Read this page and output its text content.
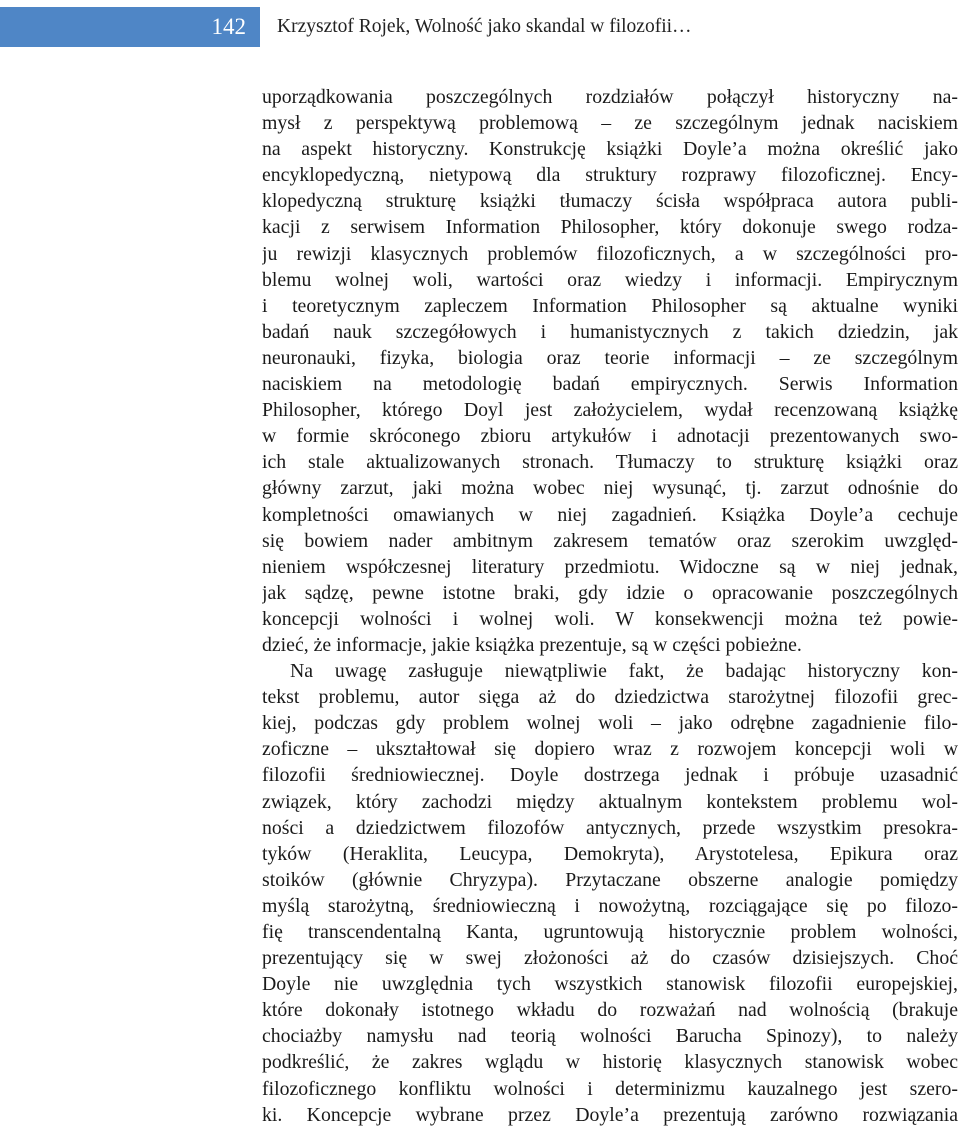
142 Krzysztof Rojek, Wolność jako skandal w filozofii…
uporządkowania poszczególnych rozdziałów połączył historyczny na-
mysł z perspektywą problemową – ze szczególnym jednak naciskiem
na aspekt historyczny. Konstrukcję książki Doyle’a można określić jako
encyklopedyczną, nietypową dla struktury rozprawy filozoficznej. Ency-
klopedyczną strukturę książki tłumaczy ścisła współpraca autora publi-
kacji z serwisem Information Philosopher, który dokonuje swego rodza-
ju rewizji klasycznych problemów filozoficznych, a w szczególności pro-
blemu wolnej woli, wartości oraz wiedzy i informacji. Empirycznym
i teoretycznym zapleczem Information Philosopher są aktualne wyniki
badań nauk szczegółowych i humanistycznych z takich dziedzin, jak
neuronauki, fizyka, biologia oraz teorie informacji – ze szczególnym
naciskiem na metodologię badań empirycznych. Serwis Information
Philosopher, którego Doyl jest założycielem, wydał recenzowaną książkę
w formie skróconego zbioru artykułów i adnotacji prezentowanych swo-
ich stale aktualizowanych stronach. Tłumaczy to strukturę książki oraz
główny zarzut, jaki można wobec niej wysunąć, tj. zarzut odnośnie do
kompletności omawianych w niej zagadnień. Książka Doyle’a cechuje
się bowiem nader ambitnym zakresem tematów oraz szerokim uwzględ-
nieniem współczesnej literatury przedmiotu. Widoczne są w niej jednak,
jak sądzę, pewne istotne braki, gdy idzie o opracowanie poszczególnych
koncepcji wolności i wolnej woli. W konsekwencji można też powie-
dzieć, że informacje, jakie książka prezentuje, są w części pobieżne.
Na uwagę zasługuje niewątpliwie fakt, że badając historyczny kon-
tekst problemu, autor sięga aż do dziedzictwa starożytnej filozofii grec-
kiej, podczas gdy problem wolnej woli – jako odrębne zagadnienie filo-
zoficzne – ukształtował się dopiero wraz z rozwojem koncepcji woli w
filozofii średniowiecznej. Doyle dostrzega jednak i próbuje uzasadnić
związek, który zachodzi między aktualnym kontekstem problemu wol-
ności a dziedzictwem filozofów antycznych, przede wszystkim presokra-
tyków (Heraklita, Leucypa, Demokryta), Arystotelesa, Epikura oraz
stoików (głównie Chryzypa). Przytaczane obszerne analogie pomiędzy
myślą starożytną, średniowieczną i nowożytną, rozciągające się po filozo-
fię transcendentalną Kanta, ugruntowują historycznie problem wolności,
prezentujący się w swej złożoności aż do czasów dzisiejszych. Choć
Doyle nie uwzględnia tych wszystkich stanowisk filozofii europejskiej,
które dokonały istotnego wkładu do rozważań nad wolnością (brakuje
chociażby namysłu nad teorią wolności Barucha Spinozy), to należy
podkreślić, że zakres wglądu w historię klasycznych stanowisk wobec
filozoficznego konfliktu wolności i determinizmu kauzalnego jest szero-
ki. Koncepcje wybrane przez Doyle’a prezentują zarówno rozwiązania
